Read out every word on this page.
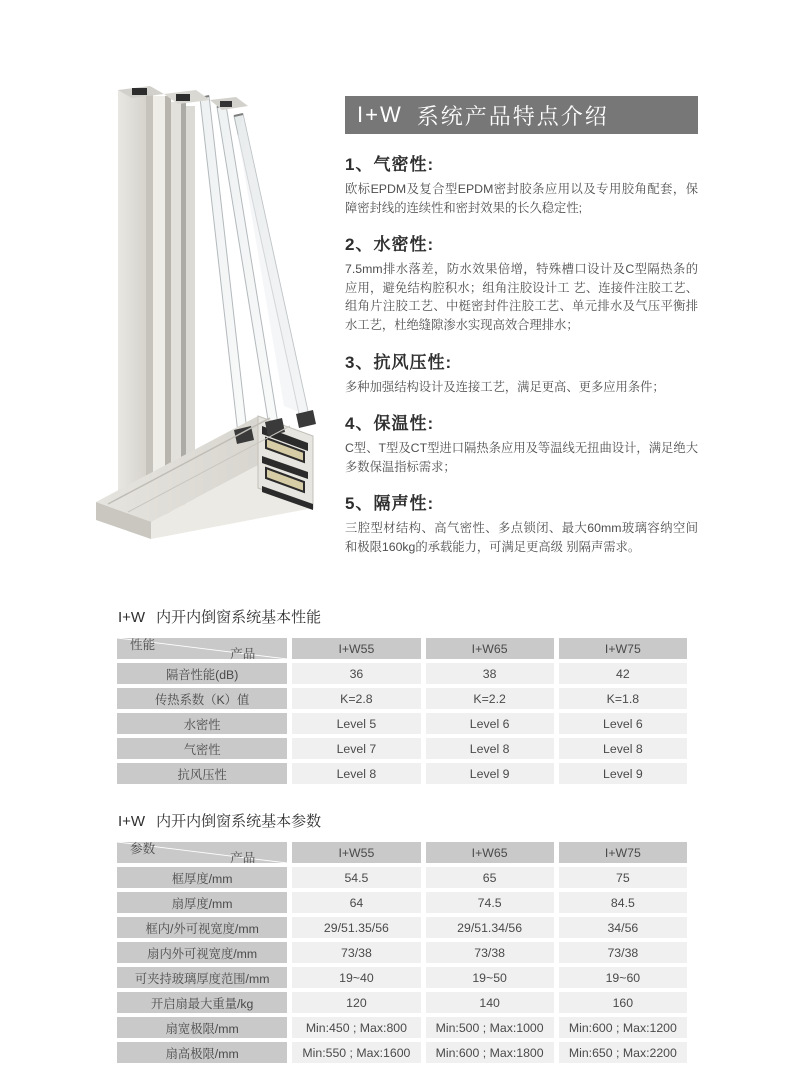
I+W 系统产品特点介绍
1、气密性:

欧标EPDM及复合型EPDM密封胶条应用以及专用胶角配套，保障密封线的连续性和密封效果的长久稳定性;

2、水密性:

7.5mm排水落差，防水效果倍增，特殊槽口设计及C型隔热条的应用，避免结构腔积水；组角注胶设计工 艺、连接件注胶工艺、组角片注胶工艺、中梃密封件注胶工艺、单元排水及气压平衡排水工艺，杜绝缝隙渗水实现高效合理排水；

3、抗风压性:

多种加强结构设计及连接工艺，满足更高、更多应用条件；

4、保温性:

C型、T型及CT型进口隔热条应用及等温线无扭曲设计，满足绝大多数保温指标需求；

5、隔声性:

三腔型材结构、高气密性、多点锁闭、最大60mm玻璃容纳空间和极限160kg的承载能力，可满足更高级 别隔声需求。

I+W 内开内倒窗系统基本性能
产品
性能	I+W55	I+W65	I+W75
隔音性能(dB)	36	38	42
传热系数（K）值	K=2.8	K=2.2	K=1.8
水密性	Level 5	Level 6	Level 6
气密性	Level 7	Level 8	Level 8
抗风压性	Level 8	Level 9	Level 9
I+W 内开内倒窗系统基本参数
产品
参数	I+W55	I+W65	I+W75
框厚度/mm	54.5	65	75
扇厚度/mm	64	74.5	84.5
框内/外可视宽度/mm	29/51.35/56	29/51.34/56	34/56
扇内外可视宽度/mm	73/38	73/38	73/38
可夹持玻璃厚度范围/mm	19~40	19~50	19~60
开启扇最大重量/kg	120	140	160
扇宽极限/mm	Min:450 ; Max:800	Min:500 ; Max:1000	Min:600 ; Max:1200
扇高极限/mm	Min:550 ; Max:1600	Min:600 ; Max:1800	Min:650 ; Max:2200
